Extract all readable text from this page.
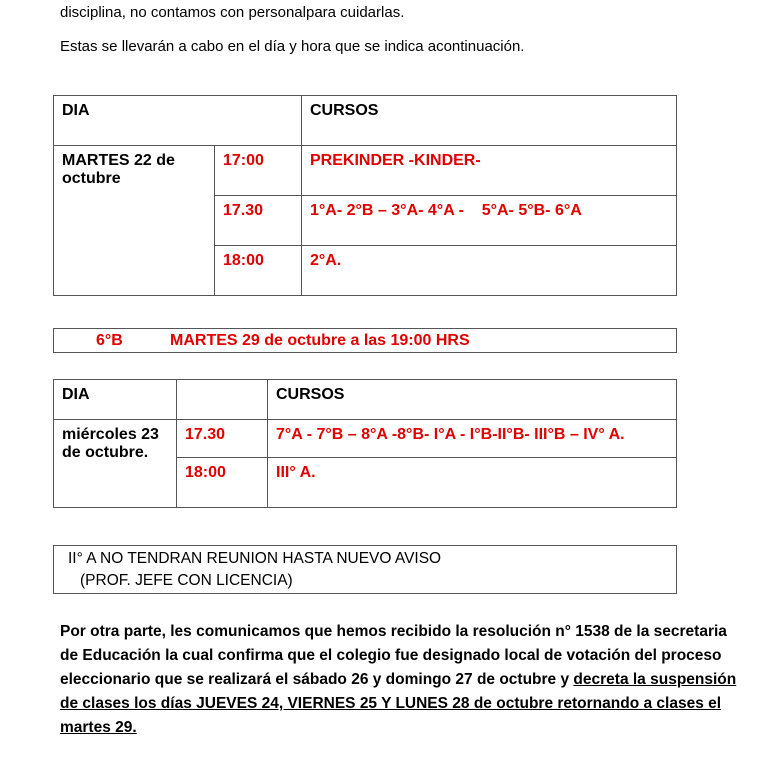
disciplina, no contamos con personalpara cuidarlas.

Estas se llevarán a cabo en el día y hora que se indica acontinuación.

DIA		CURSOS
MARTES 22 de
octubre	17:00	PREKINDER -KINDER-
	17.30	1°A- 2°B – 3°A- 4°A -    5°A- 5°B- 6°A
	18:00	2°A.
6°B	MARTES 29 de octubre a las 19:00 HRS
DIA		CURSOS
miércoles 23
de octubre.	17.30	7°A - 7°B – 8°A -8°B- I°A - I°B-II°B- III°B – IV° A.
	18:00	III° A.
II° A NO TENDRAN REUNION HASTA NUEVO AVISO
(PROF. JEFE CON LICENCIA)

Por otra parte, les comunicamos que hemos recibido la resolución n° 1538 de la secretaria de Educación la cual confirma que el colegio fue designado local de votación del proceso eleccionario que se realizará el sábado 26 y domingo 27 de octubre y decreta la suspensión de clases los días JUEVES 24, VIERNES 25 Y LUNES 28 de octubre retornando a clases el martes 29.
